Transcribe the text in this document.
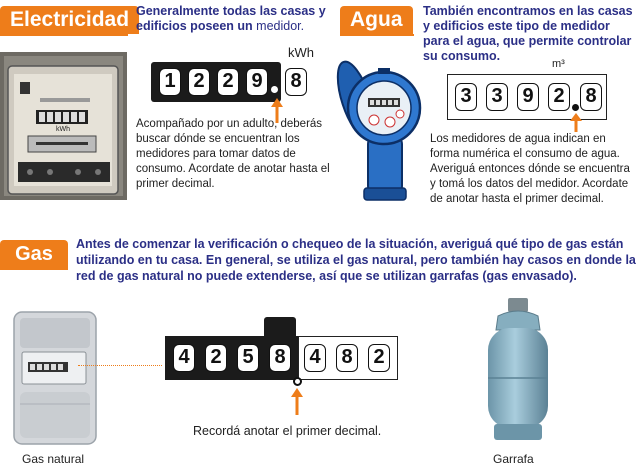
Electricidad Generalmente todas las casas y edificios poseen un medidor.
kWh
kWh
1 2 2 9 8
Acompañado por un adulto, deberás buscar dónde se encuentran los medidores para tomar datos de consumo. Acordate de anotar hasta el primer decimal.
Agua	También encontramos en las casas y edificios este tipo de medidor para el agua, que permite controlar su consumo.
m³
3 3 9 2 8
Los medidores de agua indican en forma numérica el consumo de agua. Averiguá entonces dónde se encuentra y tomá los datos del medidor. Acordate de anotar hasta el primer decimal.
Gas	Antes de comenzar la verificación o chequeo de la situación, averiguá qué tipo de gas están utilizando en tu casa. En general, se utiliza el gas natural, pero también hay casos en donde la red de gas natural no puede extenderse, así que se utilizan garrafas (gas envasado).
Gas natural
4 2 5 8 4 8 2
Recordá anotar el primer decimal.
Garrafa
